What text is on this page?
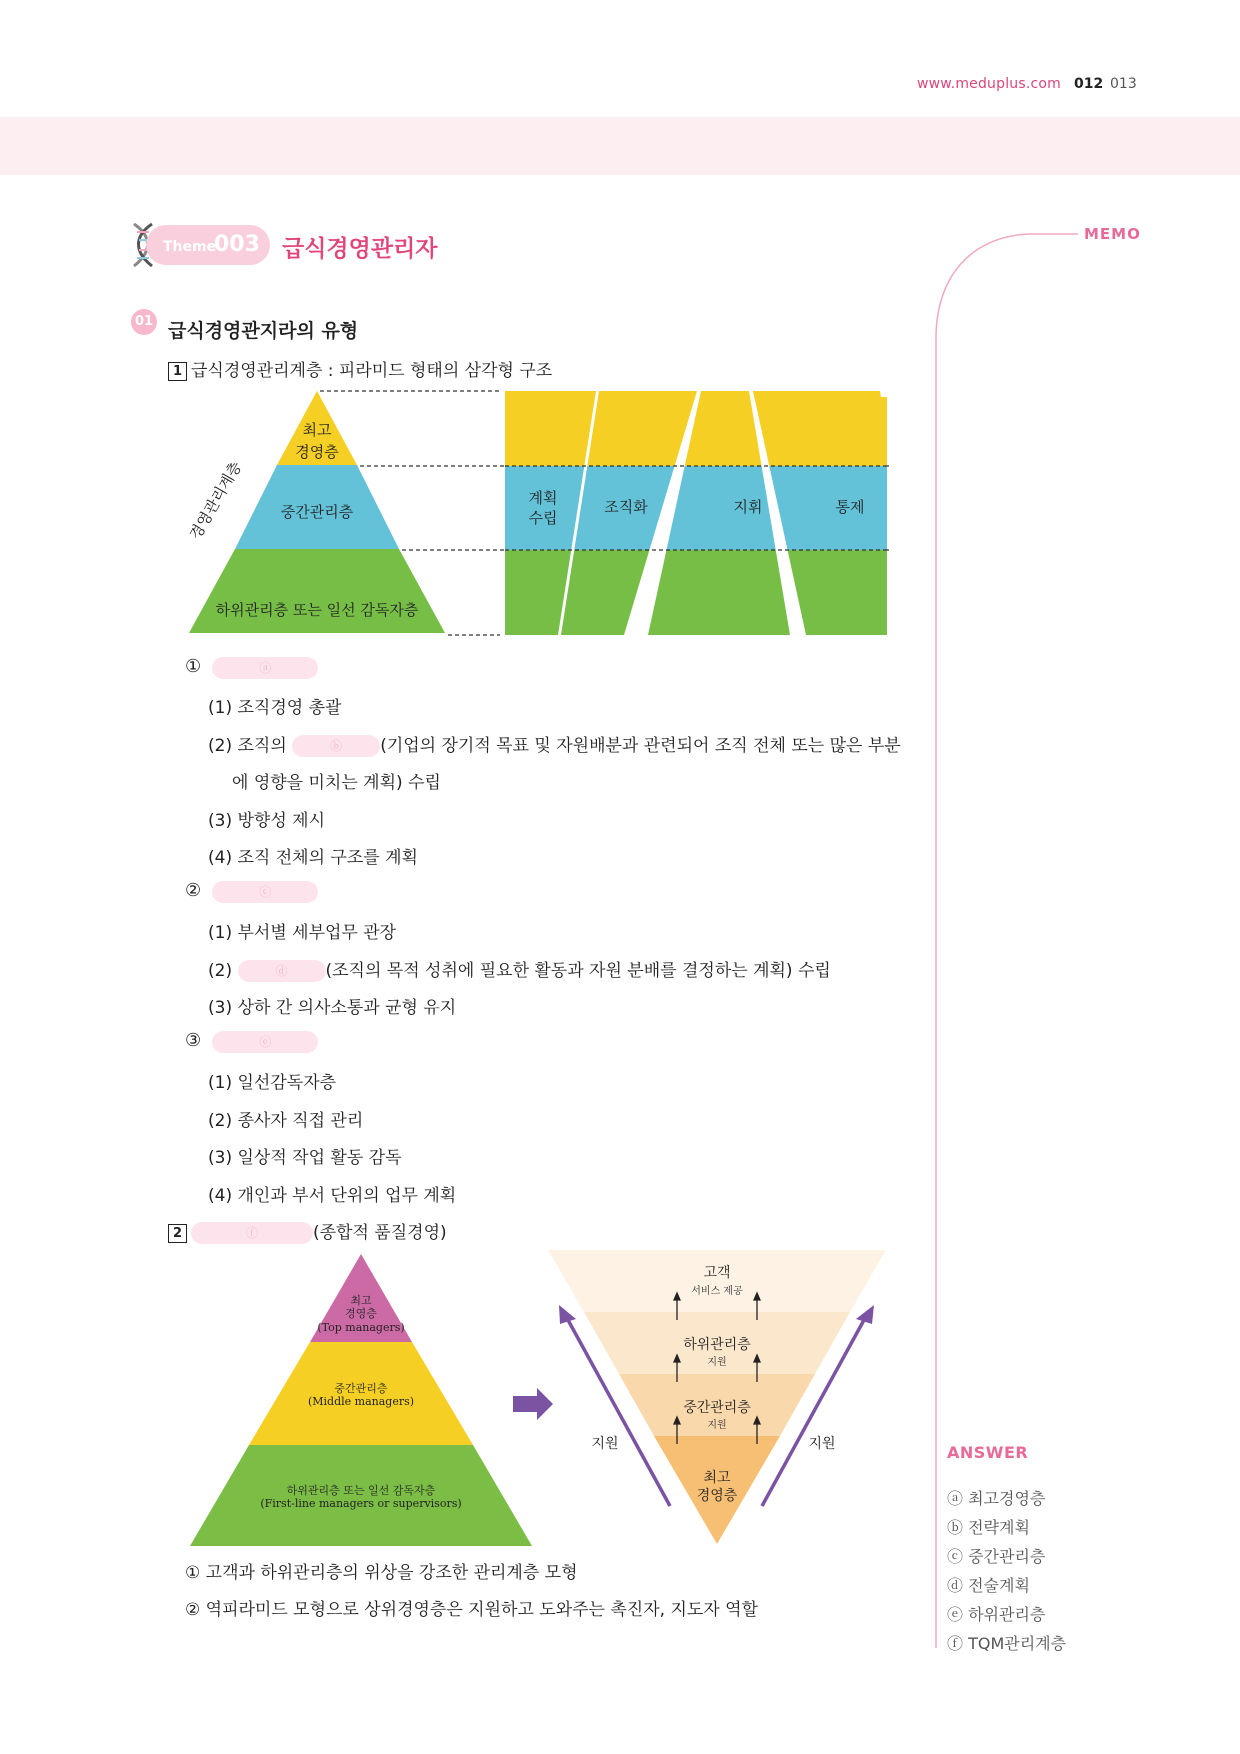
www.meduplus.com 012 013
Theme
003 급식경영관리자
MEMO
01 급식경영관지라의 유형
1 급식경영관리계층 : 피라미드 형태의 삼각형 구조
최고 경영층
중간관리층
하위관리층 또는 일선 감독자층
경영관리계층	계획 수립
조직화	지휘	통제
①	ⓐ
(1) 조직경영 총괄
(2) 조직의	ⓑ (기업의 장기적 목표 및 자원배분과 관련되어 조직 전체 또는 많은 부분
에 영향을 미치는 계획) 수립
(3) 방향성 제시
(4) 조직 전체의 구조를 계획
②	ⓒ
(1) 부서별 세부업무 관장
(2)	ⓓ (조직의 목적 성취에 필요한 활동과 자원 분배를 결정하는 계획) 수립
(3) 상하 간 의사소통과 균형 유지
③	ⓔ
(1) 일선감독자층
(2) 종사자 직접 관리
(3) 일상적 작업 활동 감독
(4) 개인과 부서 단위의 업무 계획
2	ⓕ	(종합적 품질경영)
최고 경영층 (Top managers)
중간관리층 (Middle managers)
하위관리층 또는 일선 감독자층 (First-line managers or supervisors)
지원	지원
고객
서비스 제공
하위관리층
지원
중간관리층
지원
최고 경영층
① 고객과 하위관리층의 위상을 강조한 관리계층 모형
② 역피라미드 모형으로 상위경영층은 지원하고 도와주는 촉진자, 지도자 역할
ANSWER
ⓐ 최고경영층
ⓑ 전략계획
ⓒ 중간관리층
ⓓ 전술계획
ⓔ 하위관리층
ⓕ TQM관리계층
